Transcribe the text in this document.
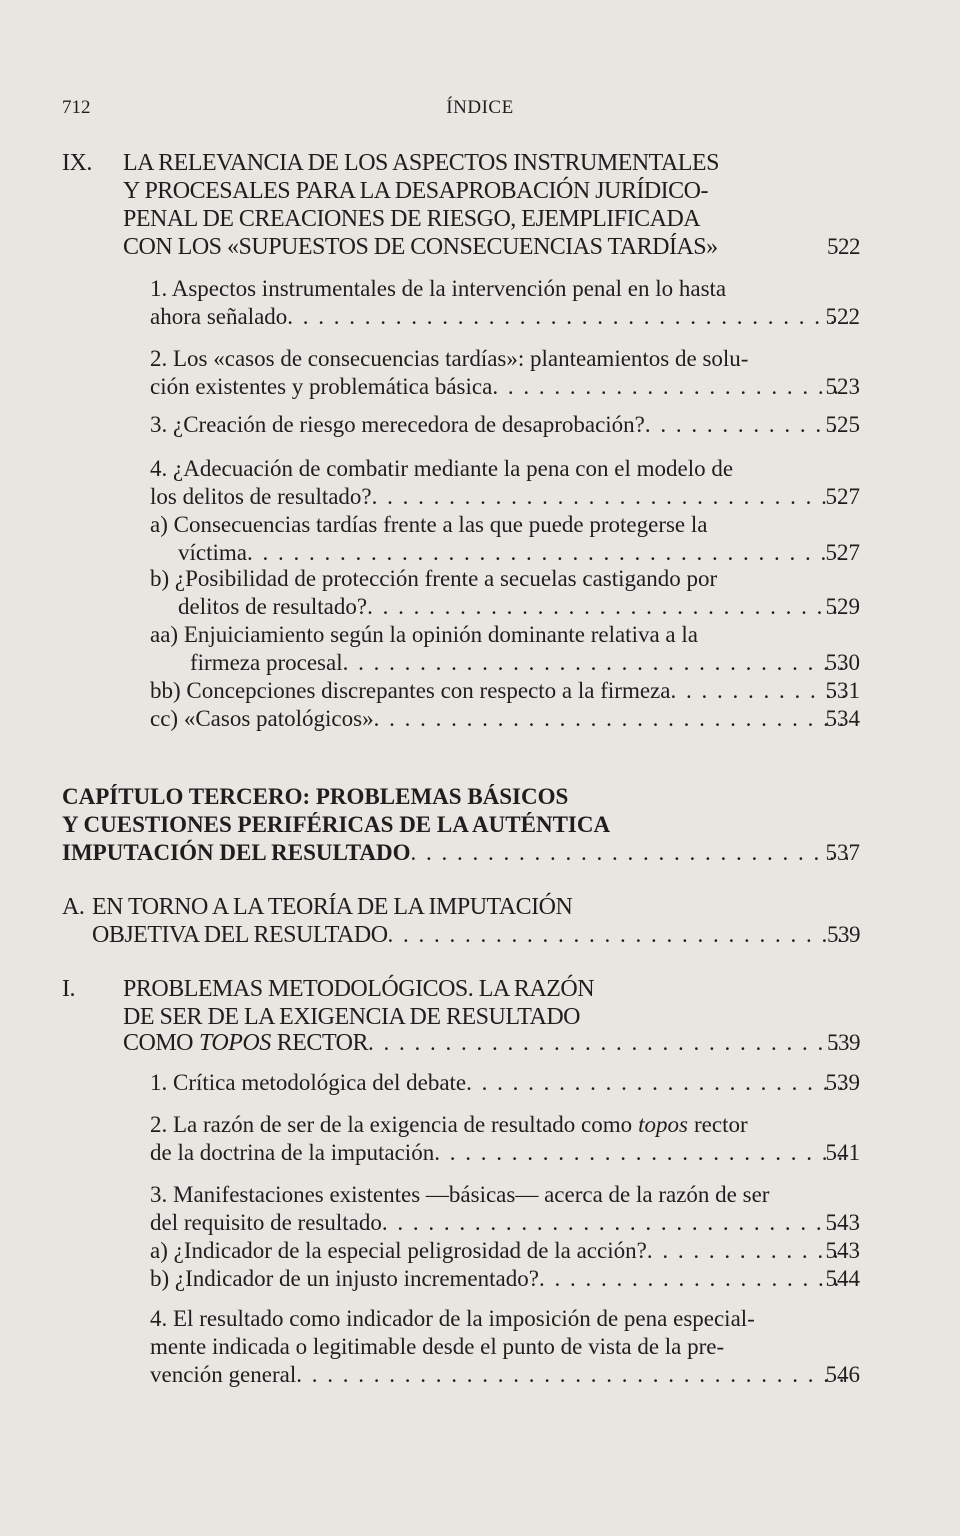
712	ÍNDICE
IX. LA RELEVANCIA DE LOS ASPECTOS INSTRUMENTALES
Y PROCESALES PARA LA DESAPROBACIÓN JURÍDICO-
PENAL DE CREACIONES DE RIESGO, EJEMPLIFICADA
CON LOS «SUPUESTOS DE CONSECUENCIAS TARDÍAS»	522
1. Aspectos instrumentales de la intervención penal en lo hasta
ahora señalado . . .	522
2. Los «casos de consecuencias tardías»: planteamientos de solu-
ción existentes y problemática básica . . .	523
3. ¿Creación de riesgo merecedora de desaprobación? . . .	525
4. ¿Adecuación de combatir mediante la pena con el modelo de
los delitos de resultado? . . .	527
a) Consecuencias tardías frente a las que puede protegerse la
víctima . . .	527
b) ¿Posibilidad de protección frente a secuelas castigando por
delitos de resultado? . . .	529
aa) Enjuiciamiento según la opinión dominante relativa a la
firmeza procesal . . .	530
bb) Concepciones discrepantes con respecto a la firmeza . . .	531
cc) «Casos patológicos» . . .	534
CAPÍTULO TERCERO: PROBLEMAS BÁSICOS
Y CUESTIONES PERIFÉRICAS DE LA AUTÉNTICA
IMPUTACIÓN DEL RESULTADO . . .	537
A. EN TORNO A LA TEORÍA DE LA IMPUTACIÓN
OBJETIVA DEL RESULTADO . . .	539
I. PROBLEMAS METODOLÓGICOS. LA RAZÓN
DE SER DE LA EXIGENCIA DE RESULTADO
COMO TOPOS RECTOR . . .	539
1. Crítica metodológica del debate . . .	539
2. La razón de ser de la exigencia de resultado como topos rector
de la doctrina de la imputación . . .	541
3. Manifestaciones existentes —básicas— acerca de la razón de ser
del requisito de resultado . . .	543
a) ¿Indicador de la especial peligrosidad de la acción? . . .	543
b) ¿Indicador de un injusto incrementado? . . .	544
4. El resultado como indicador de la imposición de pena especial-
mente indicada o legitimable desde el punto de vista de la pre-
vención general . . .	546
